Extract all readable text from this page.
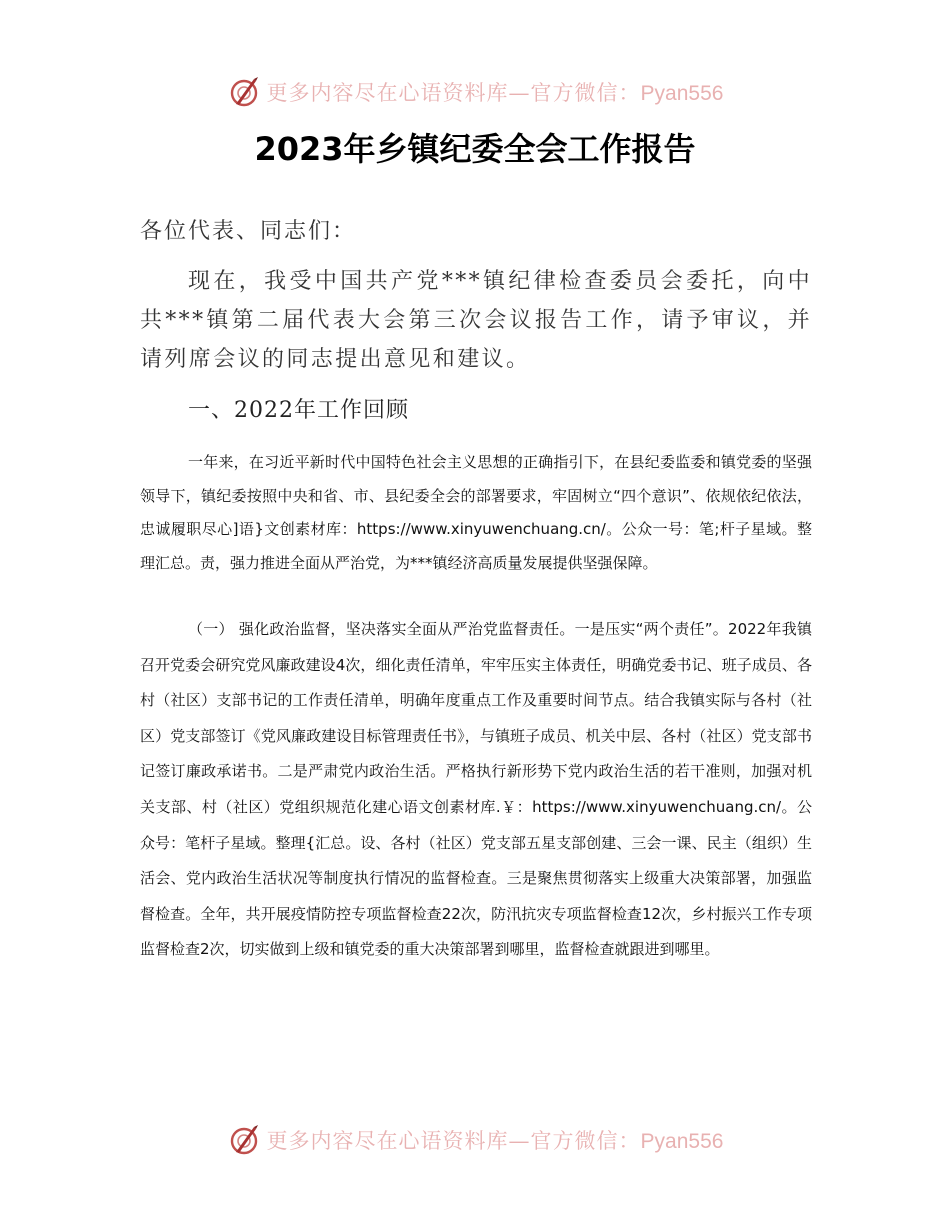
更多内容尽在心语资料库—官方微信：Pyan556
2023年乡镇纪委全会工作报告
各位代表、同志们：

现在，我受中国共产党***镇纪律检查委员会委托，向中共***镇第二届代表大会第三次会议报告工作，请予审议，并请列席会议的同志提出意见和建议。

一、2022年工作回顾

一年来，在习近平新时代中国特色社会主义思想的正确指引下，在县纪委监委和镇党委的坚强领导下，镇纪委按照中央和省、市、县纪委全会的部署要求，牢固树立“四个意识”、依规依纪依法，忠诚履职尽心]语}文创素材库：https://www.xinyuwenchuang.cn/。公众一号：笔;杆子星域。整理汇总。责，强力推进全面从严治党，为***镇经济高质量发展提供坚强保障。

（一） 强化政治监督，坚决落实全面从严治党监督责任。一是压实“两个责任”。2022年我镇召开党委会研究党风廉政建设4次，细化责任清单，牢牢压实主体责任，明确党委书记、班子成员、各村（社区）支部书记的工作责任清单，明确年度重点工作及重要时间节点。结合我镇实际与各村（社区）党支部签订《党风廉政建设目标管理责任书》，与镇班子成员、机关中层、各村（社区）党支部书记签订廉政承诺书。二是严肃党内政治生活。严格执行新形势下党内政治生活的若干准则，加强对机关支部、村（社区）党组织规范化建心语文创素材库.￥：https://www.xinyuwenchuang.cn/。公众号：笔杆子星域。整理{汇总。设、各村（社区）党支部五星支部创建、三会一课、民主（组织）生活会、党内政治生活状况等制度执行情况的监督检查。三是聚焦贯彻落实上级重大决策部署，加强监督检查。全年，共开展疫情防控专项监督检查22次，防汛抗灾专项监督检查12次，乡村振兴工作专项监督检查2次，切实做到上级和镇党委的重大决策部署到哪里，监督检查就跟进到哪里。

更多内容尽在心语资料库—官方微信：Pyan556
